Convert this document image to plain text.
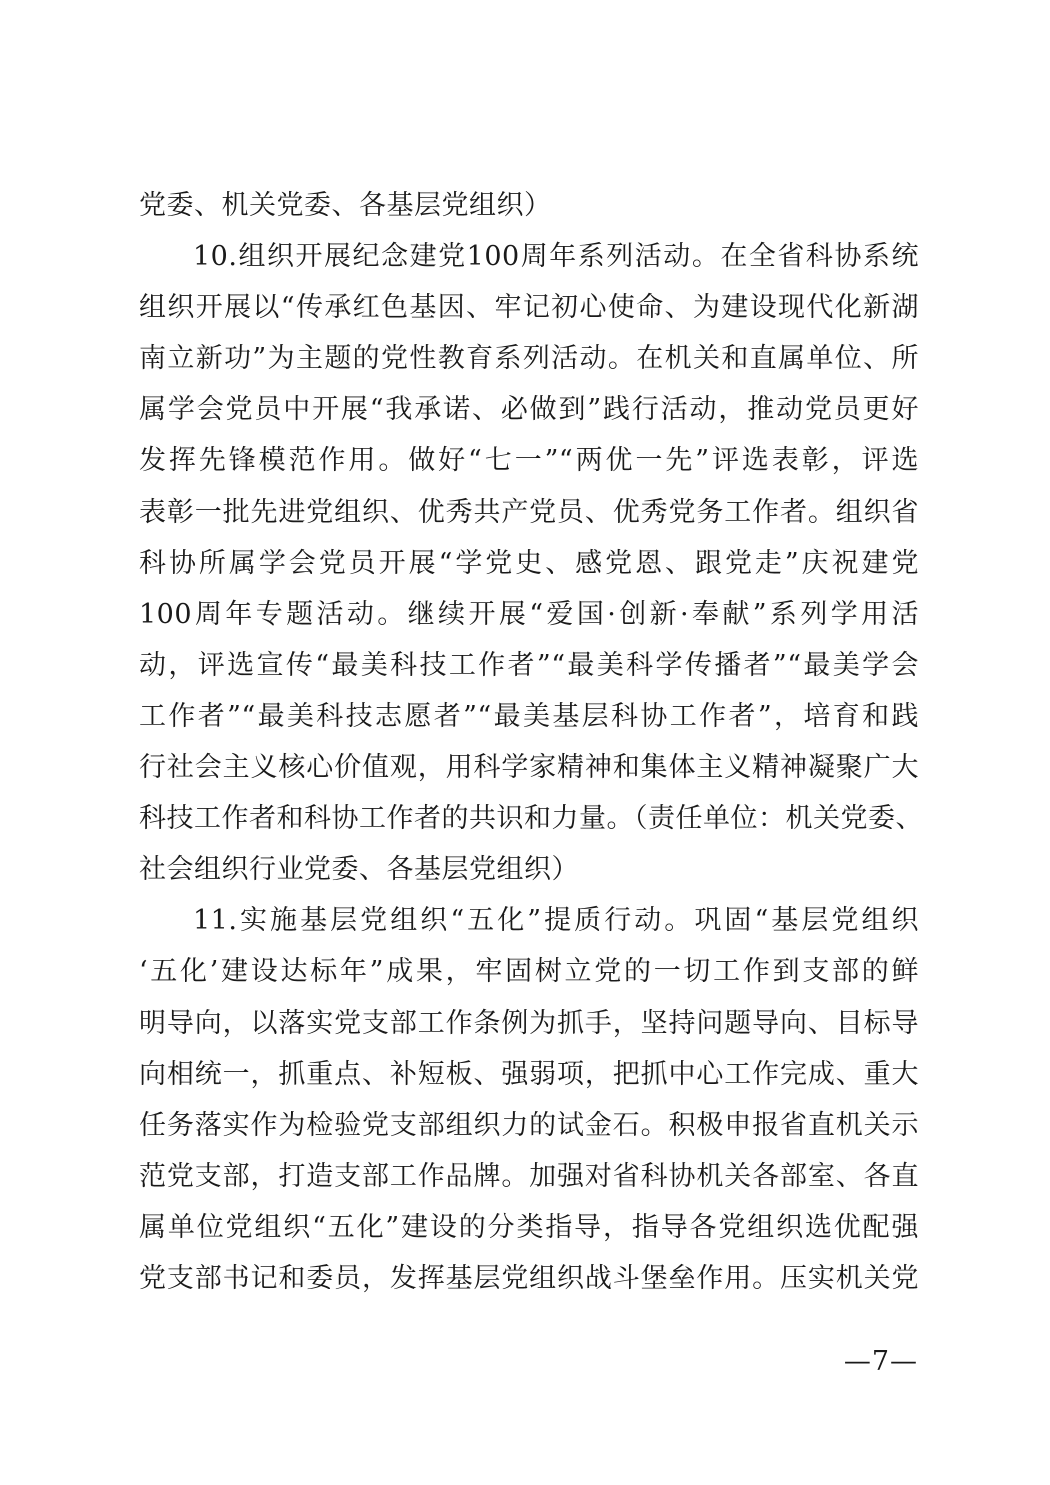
党委、机关党委、各基层党组织）
10.组织开展纪念建党100周年系列活动。在全省科协系统
组织开展以“传承红色基因、牢记初心使命、为建设现代化新湖
南立新功”为主题的党性教育系列活动。在机关和直属单位、所
属学会党员中开展“我承诺、必做到”践行活动，推动党员更好
发挥先锋模范作用。做好“七一”“两优一先”评选表彰，评选
表彰一批先进党组织、优秀共产党员、优秀党务工作者。组织省
科协所属学会党员开展“学党史、感党恩、跟党走”庆祝建党
100周年专题活动。继续开展“爱国·创新·奉献”系列学用活
动，评选宣传“最美科技工作者”“最美科学传播者”“最美学会
工作者”“最美科技志愿者”“最美基层科协工作者”，培育和践
行社会主义核心价值观，用科学家精神和集体主义精神凝聚广大
科技工作者和科协工作者的共识和力量。（责任单位：机关党委、
社会组织行业党委、各基层党组织）
11.实施基层党组织“五化”提质行动。巩固“基层党组织
‘五化’建设达标年”成果，牢固树立党的一切工作到支部的鲜
明导向，以落实党支部工作条例为抓手，坚持问题导向、目标导
向相统一，抓重点、补短板、强弱项，把抓中心工作完成、重大
任务落实作为检验党支部组织力的试金石。积极申报省直机关示
范党支部，打造支部工作品牌。加强对省科协机关各部室、各直
属单位党组织“五化”建设的分类指导，指导各党组织选优配强
党支部书记和委员，发挥基层党组织战斗堡垒作用。压实机关党
—7—
